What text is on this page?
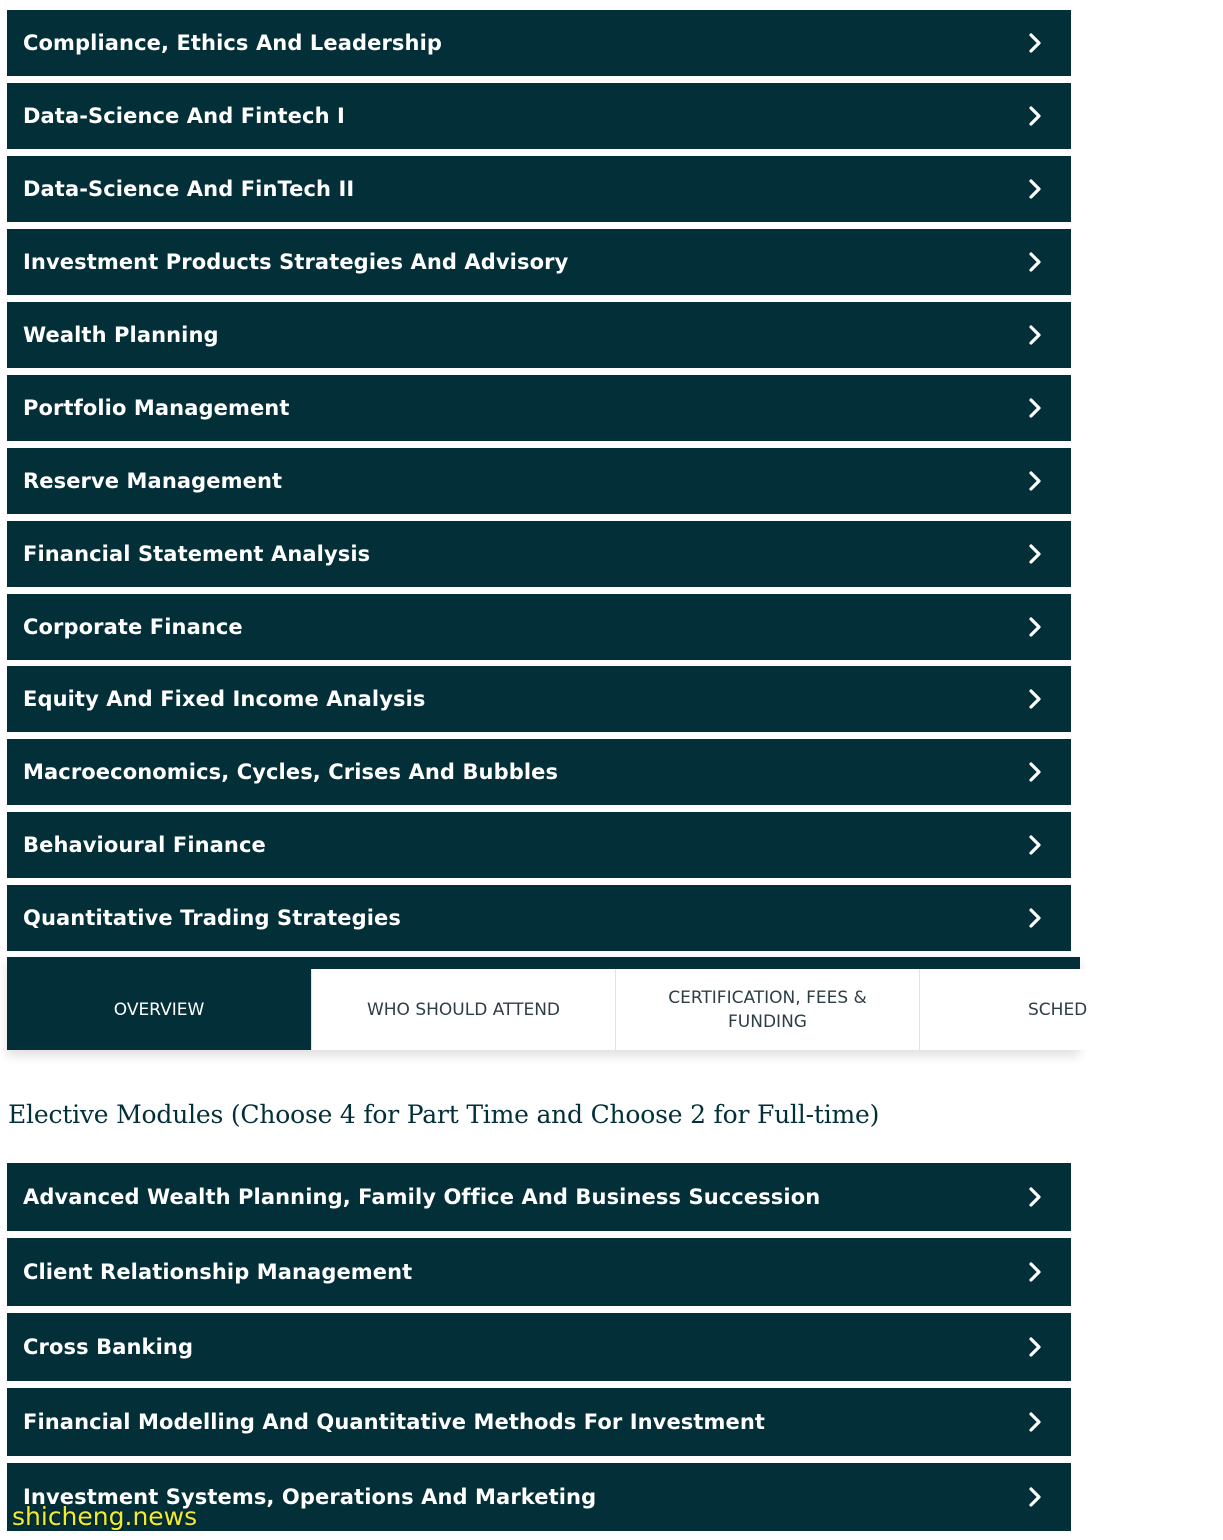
Compliance, Ethics And Leadership
Data-Science And Fintech I
Data-Science And FinTech II
Investment Products Strategies And Advisory
Wealth Planning
Portfolio Management
Reserve Management
Financial Statement Analysis
Corporate Finance
Equity And Fixed Income Analysis
Macroeconomics, Cycles, Crises And Bubbles
Behavioural Finance
Quantitative Trading Strategies
OVERVIEW	WHO SHOULD ATTEND
CERTIFICATION, FEES & FUNDING
SCHED
Elective Modules (Choose 4 for Part Time and Choose 2 for Full-time)
Advanced Wealth Planning, Family Office And Business Succession
Client Relationship Management
Cross Banking
Financial Modelling And Quantitative Methods For Investment
Investment Systems, Operations And Marketing
shicheng.news
